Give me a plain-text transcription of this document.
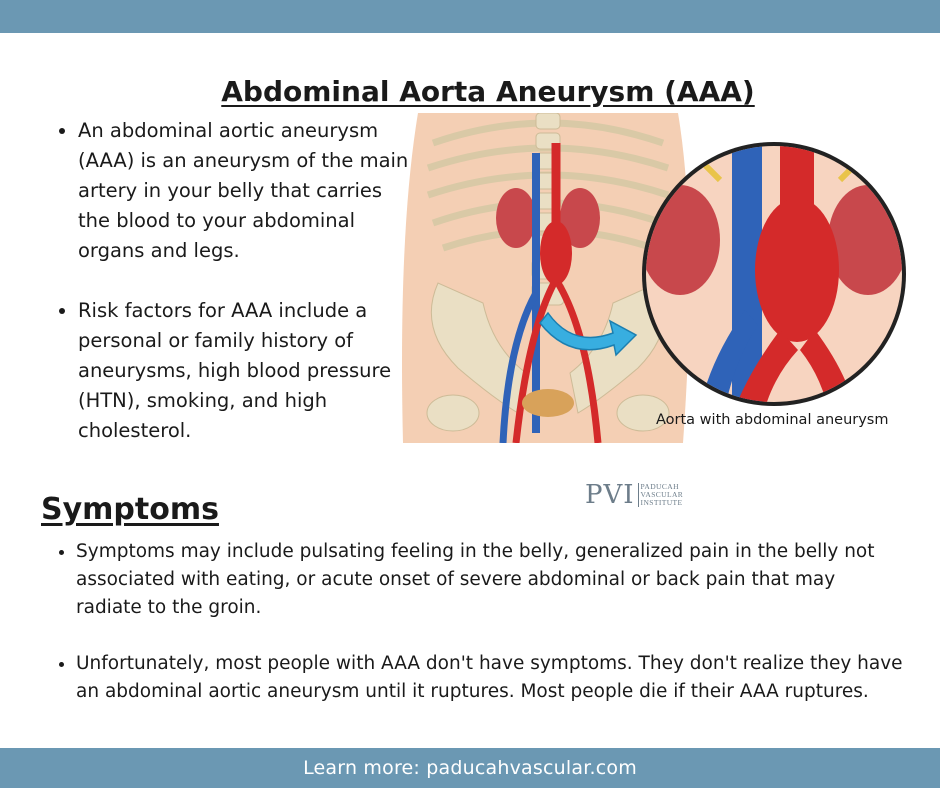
Abdominal Aorta Aneurysm (AAA)
• An abdominal aortic aneurysm (AAA) is an aneurysm of the main artery in your belly that carries the blood to your abdominal organs and legs.
• Risk factors for AAA include a personal or family history of aneurysms, high blood pressure (HTN), smoking, and high cholesterol.	Aorta with abdominal aneurysm
PVI PADUCAH
VASCULAR
INSTITUTE
Symptoms
• Symptoms may include pulsating feeling in the belly, generalized pain in the belly not associated with eating, or acute onset of severe abdominal or back pain that may radiate to the groin.
• Unfortunately, most people with AAA don't have symptoms. They don't realize they have an abdominal aortic aneurysm until it ruptures. Most people die if their AAA ruptures.
Learn more: paducahvascular.com
